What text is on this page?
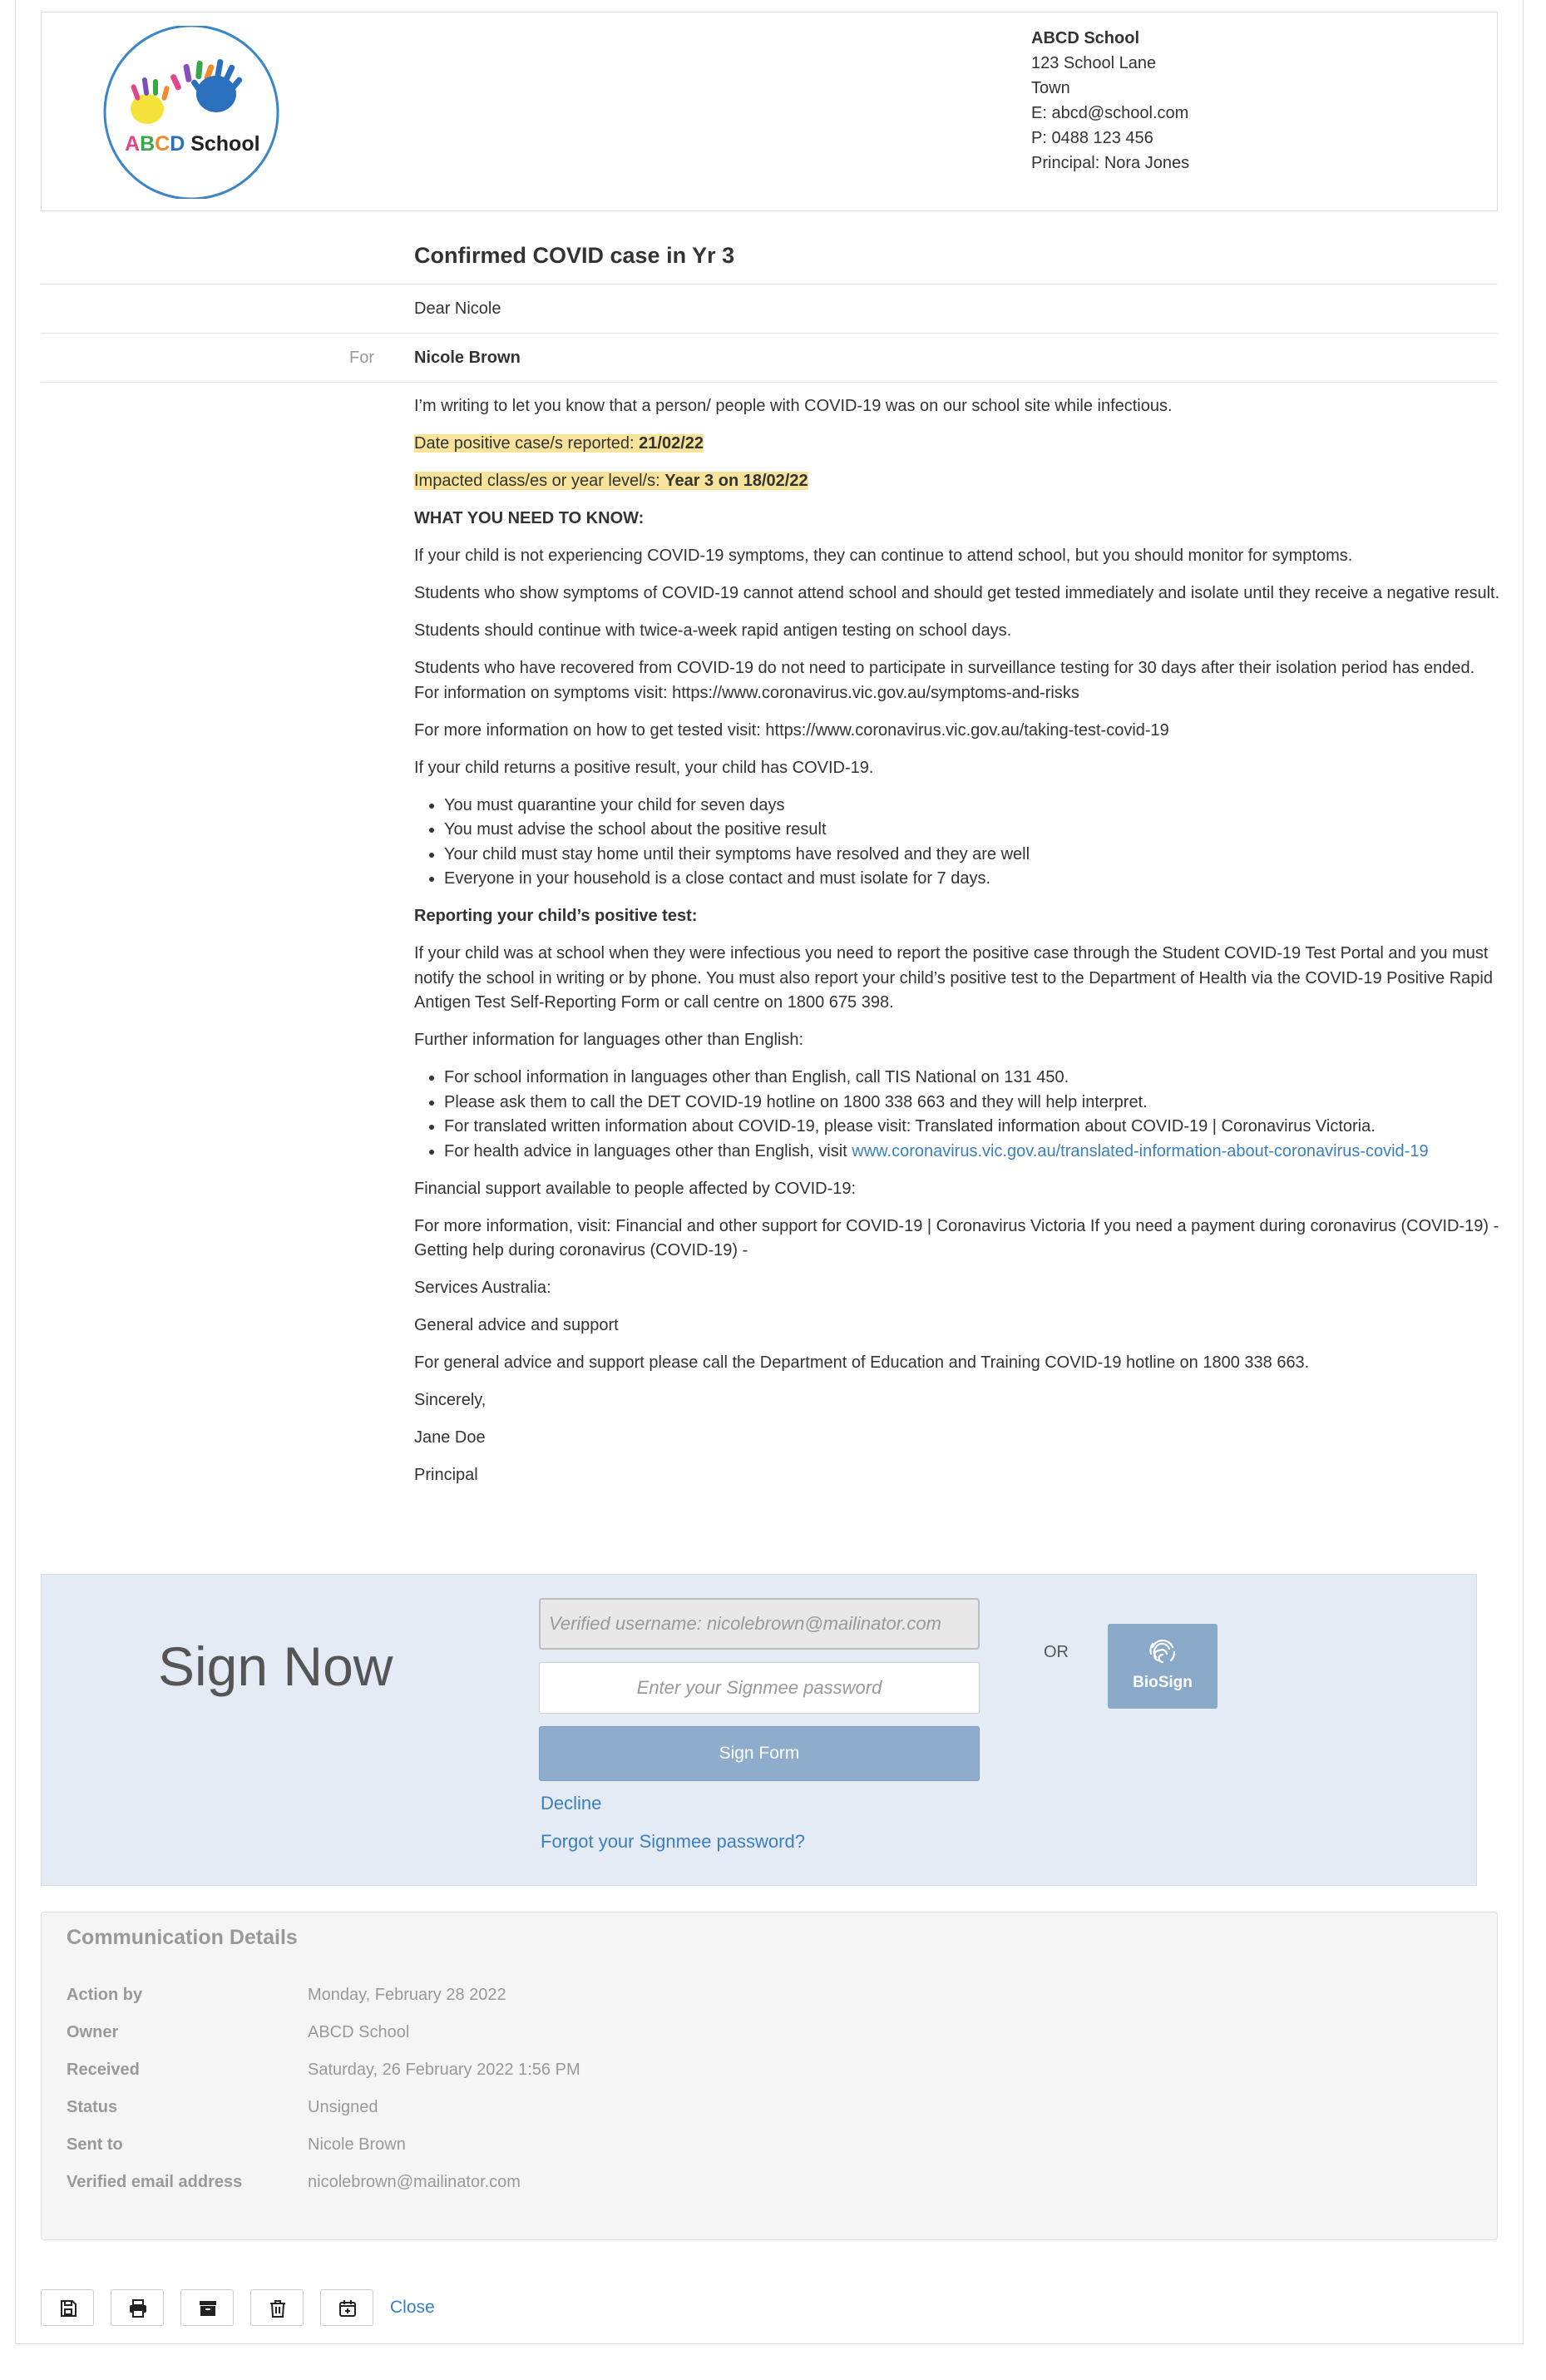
ABCD School
ABCD School
123 School Lane
Town
E: abcd@school.com
P: 0488 123 456
Principal: Nora Jones
Confirmed COVID case in Yr 3
Dear Nicole
For Nicole Brown

I’m writing to let you know that a person/ people with COVID-19 was on our school site while infectious.

Date positive case/s reported: 21/02/22

Impacted class/es or year level/s: Year 3 on 18/02/22

WHAT YOU NEED TO KNOW:

If your child is not experiencing COVID-19 symptoms, they can continue to attend school, but you should monitor for symptoms.

Students who show symptoms of COVID-19 cannot attend school and should get tested immediately and isolate until they receive a negative result.

Students should continue with twice-a-week rapid antigen testing on school days.

Students who have recovered from COVID-19 do not need to participate in surveillance testing for 30 days after their isolation period has ended. For information on symptoms visit: https://www.coronavirus.vic.gov.au/symptoms-and-risks

For more information on how to get tested visit: https://www.coronavirus.vic.gov.au/taking-test-covid-19

If your child returns a positive result, your child has COVID-19.

• You must quarantine your child for seven days
• You must advise the school about the positive result
• Your child must stay home until their symptoms have resolved and they are well
• Everyone in your household is a close contact and must isolate for 7 days.

Reporting your child’s positive test:

If your child was at school when they were infectious you need to report the positive case through the Student COVID-19 Test Portal and you must notify the school in writing or by phone. You must also report your child’s positive test to the Department of Health via the COVID-19 Positive Rapid Antigen Test Self-Reporting Form or call centre on 1800 675 398.

Further information for languages other than English:

• For school information in languages other than English, call TIS National on 131 450.
• Please ask them to call the DET COVID-19 hotline on 1800 338 663 and they will help interpret.
• For translated written information about COVID-19, please visit: Translated information about COVID-19 | Coronavirus Victoria.
• For health advice in languages other than English, visit www.coronavirus.vic.gov.au/translated-information-about-coronavirus-covid-19

Financial support available to people affected by COVID-19:

For more information, visit: Financial and other support for COVID-19 | Coronavirus Victoria If you need a payment during coronavirus (COVID-19) - Getting help during coronavirus (COVID-19) -

Services Australia:

General advice and support

For general advice and support please call the Department of Education and Training COVID-19 hotline on 1800 338 663.

Sincerely,

Jane Doe

Principal

Sign Now
Verified username: nicolebrown@mailinator.com
Sign Form
Decline
Forgot your Signmee password?
OR
BioSign
Communication Details
Action by	Monday, February 28 2022
Owner	ABCD School
Received	Saturday, 26 February 2022 1:56 PM
Status	Unsigned
Sent to	Nicole Brown
Verified email address	nicolebrown@mailinator.com
Close
